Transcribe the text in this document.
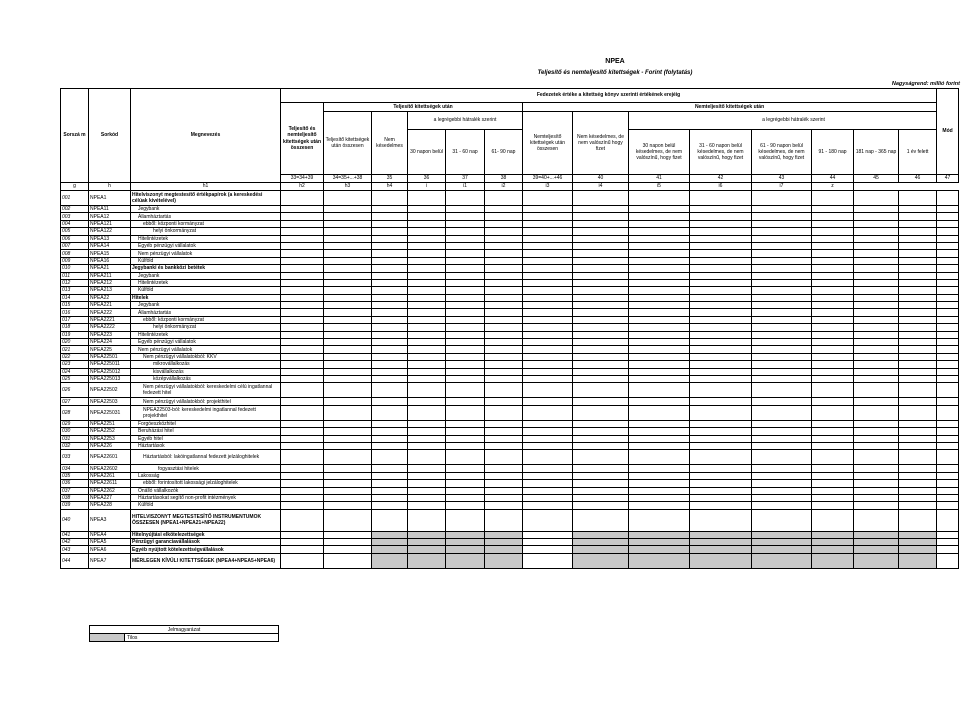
NPEA
Teljesítő és nemteljesítő kitettségek - Forint (folytatás)
Nagyságrend: millió forint
Sorszá m	Sorkód	Megnevezés	Fedezetek értéke a kitettség könyv szerinti értékének erejéig														Mód
			Teljesítő és nemteljesítő kitettségek után összesen	Teljesítő kitettségek után					Nemteljesítő kitettségek után								
				Teljesítő kitettségek után összesen	Nem késedelmes	a legrégebbi hátralék szerint			Nemteljesítő kitettségek után összesen	Nem késedelmes, de nem valószínű hogy fizet	a legrégebbi hátralék szerint						
						30 napon belül	31 - 60 nap	61- 90 nap			30 napon belül késedelmes, de nem valószínű, hogy fizet	31 - 60 napon belül késedelmes, de nem valószínű, hogy fizet	61 - 90 napon belül késedelmes, de nem valószínű, hogy fizet	91 - 180 nap	181 nap - 365 nap	1 év felett	
			33=34+39	34=35+...+38	35	36	37	38	39=40+...+46	40	41	42	43	44	45	46	47
g	h	h1	h2	h3	h4	i	i1	i2	i3	i4	i5	i6	i7	z			
001	NPEA1	Hitelviszonyt megtestesítő értékpapírok (a kereskedési célúak kivételével)															
002	NPEA11	Jegybank															
003	NPEA12	Államháztartás															
004	NPEA121	ebből: központi kormányzat															
005	NPEA122	helyi önkormányzat															
006	NPEA13	Hitelintézetek															
007	NPEA14	Egyéb pénzügyi vállalatok															
008	NPEA15	Nem pénzügyi vállalatok															
009	NPEA16	Külföld															
010	NPEA21	Jegybanki és bankközi betétek															
011	NPEA211	Jegybank															
012	NPEA212	Hitelintézetek															
013	NPEA213	Külföld															
014	NPEA22	Hitelek															
015	NPEA221	Jegybank															
016	NPEA222	Államháztartás															
017	NPEA2221	ebből: központi kormányzat															
018	NPEA2222	helyi önkormányzat															
019	NPEA223	Hitelintézetek															
020	NPEA224	Egyéb pénzügyi vállalatok															
021	NPEA225	Nem pénzügyi vállalatok															
022	NPEA22501	Nem pénzügyi vállalatokból: KKV															
023	NPEA225011	mikrovállalkozás															
024	NPEA225012	kisvállalkozás															
025	NPEA225013	középvállalkozás															
026	NPEA22502	Nem pénzügyi vállalatokból: kereskedelmi célú ingatlannal fedezett hitel															
027	NPEA22503	Nem pénzügyi vállalatokból: projekthitel															
028	NPEA225031	NPEA22503-ból: kereskedelmi ingatlannal fedezett projekthitel															
029	NPEA2251	Forgóeszközhitel															
030	NPEA2252	Beruházási hitel															
031	NPEA2253	Egyéb hitel															
032	NPEA226	Háztartások															
033	NPEA22601	Háztartásból: lakóingatlannal fedezett jelzáloghitelek															
034	NPEA22602	fogyasztási hitelek															
035	NPEA2261	Lakosság															
036	NPEA22611	ebből: forintosított lakossági jelzáloghitelek															
037	NPEA2262	Önálló vállalkozók															
038	NPEA227	Háztartásokat segítő non-profit intézmények															
039	NPEA228	Külföld															
040	NPEA3	HITELVISZONYT MEGTESTESÍTŐ INSTRUMENTUMOK ÖSSZESEN (NPEA1+NPEA21+NPEA22)															
041	NPEA4	Hitelnyújtási elkötelezettségek															
042	NPEA5	Pénzügyi garanciavállalások															
043	NPEA6	Egyéb nyújtott kötelezettségvállalások															
044	NPEA7	MÉRLEGEN KÍVÜLI KITETTSÉGEK (NPEA4+NPEA5+NPEA6)															
Jelmagyarázat
	Tilos
